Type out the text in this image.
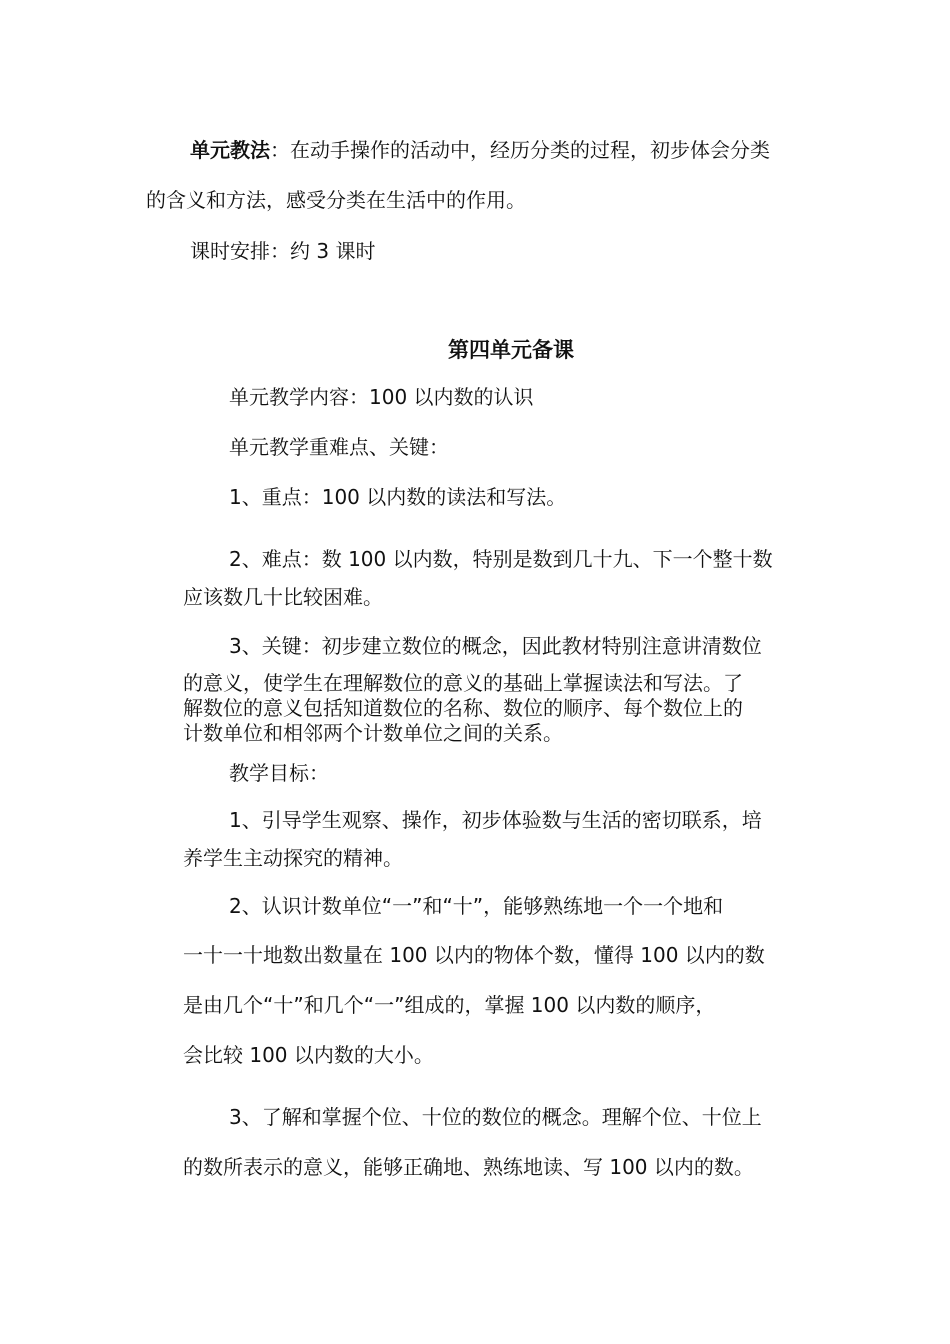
单元教法：在动手操作的活动中，经历分类的过程，初步体会分类
的含义和方法，感受分类在生活中的作用。
课时安排：约 3 课时
第四单元备课
单元教学内容：100 以内数的认识
单元教学重难点、关键：
1、重点：100 以内数的读法和写法。
2、难点：数 100 以内数，特别是数到几十九、下一个整十数
应该数几十比较困难。
3、关键：初步建立数位的概念，因此教材特别注意讲清数位
的意义，使学生在理解数位的意义的基础上掌握读法和写法。了
解数位的意义包括知道数位的名称、数位的顺序、每个数位上的
计数单位和相邻两个计数单位之间的关系。
教学目标：
1、引导学生观察、操作，初步体验数与生活的密切联系，培
养学生主动探究的精神。
2、认识计数单位“一”和“十”，能够熟练地一个一个地和
一十一十地数出数量在 100 以内的物体个数，懂得 100 以内的数
是由几个“十”和几个“一”组成的，掌握 100 以内数的顺序，
会比较 100 以内数的大小。
3、了解和掌握个位、十位的数位的概念。理解个位、十位上
的数所表示的意义，能够正确地、熟练地读、写 100 以内的数。
